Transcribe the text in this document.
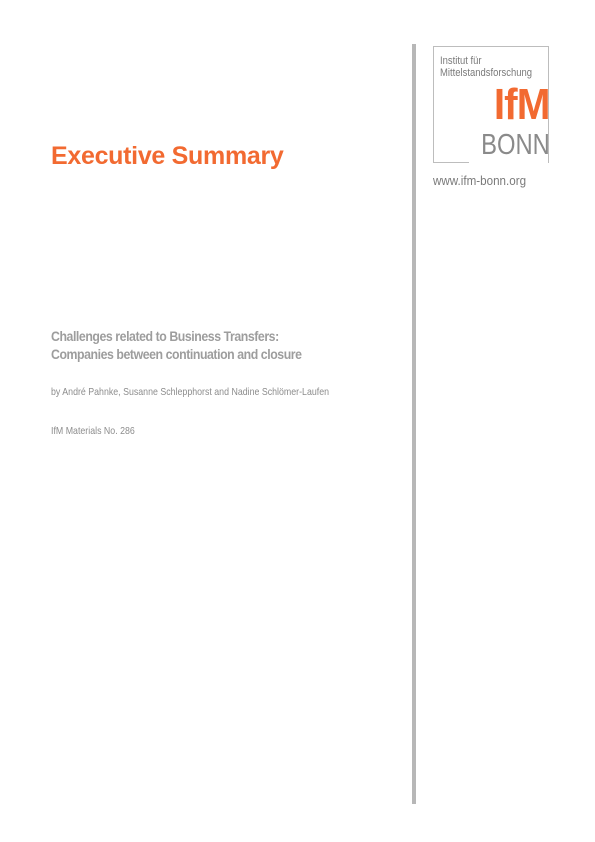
Executive Summary
Challenges related to Business Transfers:
Companies between continuation and closure
by André Pahnke, Susanne Schlepphorst and Nadine Schlömer-Laufen
IfM Materials No. 286
Institut für
Mittelstandsforschung
IfM
BONN
www.ifm-bonn.org
